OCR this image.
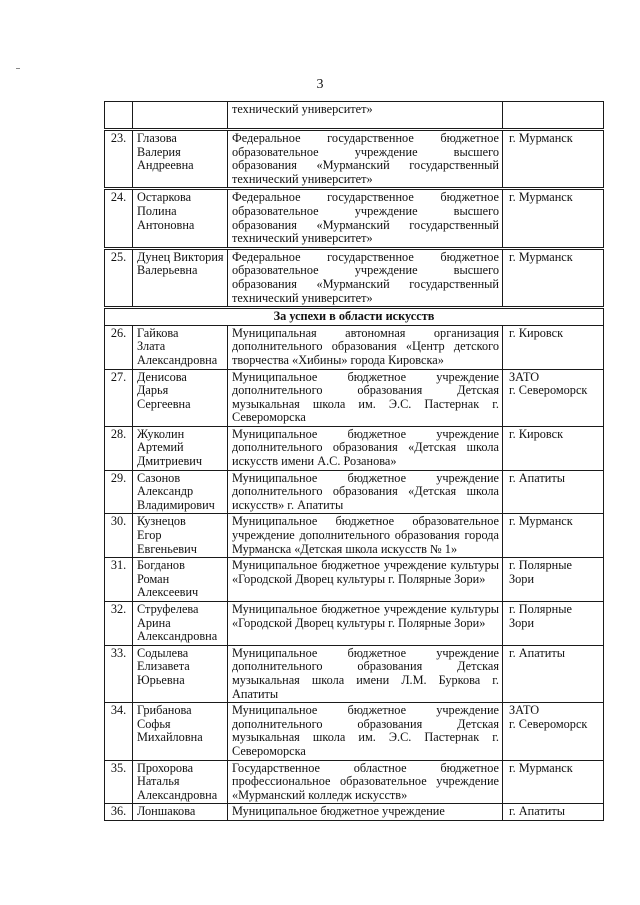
3
		технический университет»	
23.	Глазова
Валерия
Андреевна	Федеральное государственное бюджетное образовательное учреждение высшего образования «Мурманский государственный технический университет»	г. Мурманск
24.	Остаркова
Полина
Антоновна	Федеральное государственное бюджетное образовательное учреждение высшего образования «Мурманский государственный технический университет»	г. Мурманск
25.	Дунец Виктория
Валерьевна	Федеральное государственное бюджетное образовательное учреждение высшего образования «Мурманский государственный технический университет»	г. Мурманск
За успехи в области искусств			
26.	Гайкова
Злата
Александровна	Муниципальная автономная организация дополнительного образования «Центр детского творчества «Хибины» города Кировска»	г. Кировск
27.	Денисова
Дарья
Сергеевна	Муниципальное бюджетное учреждение дополнительного образования Детская музыкальная школа им. Э.С. Пастернак г. Североморска	ЗАТО
г. Североморск
28.	Жуколин
Артемий
Дмитриевич	Муниципальное бюджетное учреждение дополнительного образования «Детская школа искусств имени А.С. Розанова»	г. Кировск
29.	Сазонов
Александр
Владимирович	Муниципальное бюджетное учреждение дополнительного образования «Детская школа искусств» г. Апатиты	г. Апатиты
30.	Кузнецов
Егор
Евгеньевич	Муниципальное бюджетное образовательное учреждение дополнительного образования города Мурманска «Детская школа искусств № 1»	г. Мурманск
31.	Богданов
Роман
Алексеевич	Муниципальное бюджетное учреждение культуры «Городской Дворец культуры г. Полярные Зори»	г. Полярные
Зори
32.	Струфелева
Арина
Александровна	Муниципальное бюджетное учреждение культуры «Городской Дворец культуры г. Полярные Зори»	г. Полярные
Зори
33.	Содылева
Елизавета
Юрьевна	Муниципальное бюджетное учреждение дополнительного образования Детская музыкальная школа имени Л.М. Буркова г. Апатиты	г. Апатиты
34.	Грибанова
Софья
Михайловна	Муниципальное бюджетное учреждение дополнительного образования Детская музыкальная школа им. Э.С. Пастернак г. Североморска	ЗАТО
г. Североморск
35.	Прохорова
Наталья
Александровна	Государственное областное бюджетное профессиональное образовательное учреждение «Мурманский колледж искусств»	г. Мурманск
36.	Лоншакова	Муниципальное бюджетное учреждение	г. Апатиты
